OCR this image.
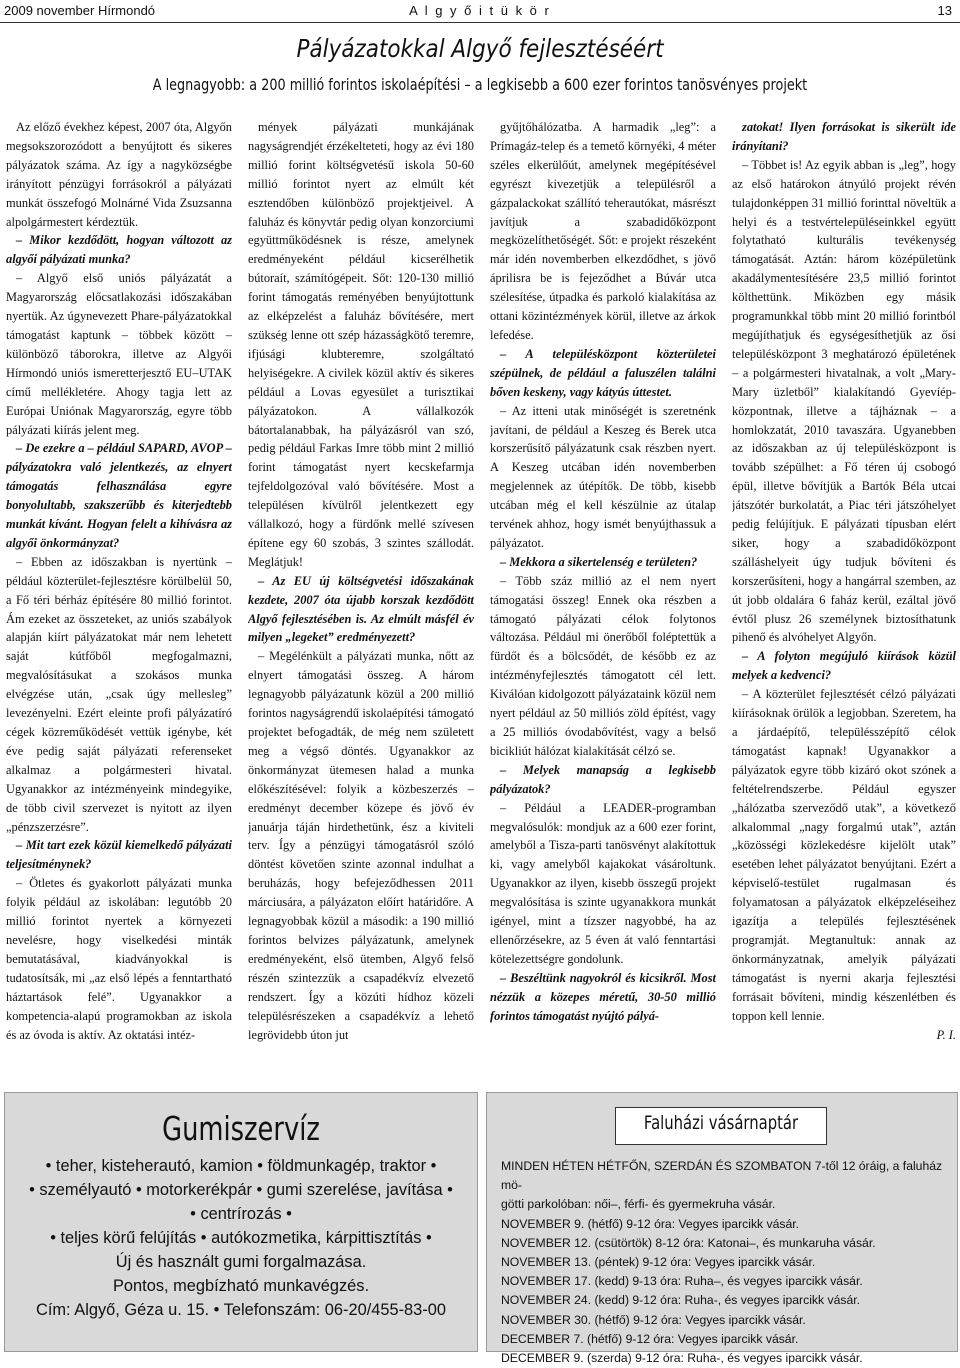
2009 november Hírmondó	A l g y ő i t ü k ö r	13
Pályázatokkal Algyő fejlesztéséért
A legnagyobb: a 200 millió forintos iskolaépítési – a legkisebb a 600 ezer forintos tanösvényes projekt

Az előző évekhez képest, 2007 óta, Algyőn megsokszorozódott a benyújtott és sikeres pályázatok száma. Az így a nagyközségbe irányított pénzügyi forrásokról a pályázati munkát összefogó Molnárné Vida Zsuzsanna alpolgármestert kérdeztük.

– Mikor kezdődött, hogyan változott az algyői pályázati munka?

– Algyő első uniós pályázatát a Magyarország előcsatlakozási időszakában nyertük. Az úgynevezett Phare-pályázatokkal támogatást kaptunk – többek között – különböző táborokra, illetve az Algyői Hírmondó uniós ismeretterjesztő EU–UTAK című mellékletére. Ahogy tagja lett az Európai Uniónak Magyarország, egyre több pályázati kiírás jelent meg.

– De ezekre a – például SAPARD, AVOP – pályázatokra való jelentkezés, az elnyert támogatás felhasználása egyre bonyolultabb, szakszerűbb és kiterjedtebb munkát kívánt. Hogyan felelt a kihívásra az algyői önkormányzat?

– Ebben az időszakban is nyertünk – például közterület-fejlesztésre körülbelül 50, a Fő téri bérház építésére 80 millió forintot. Ám ezeket az összeteket, az uniós szabályok alapján kiírt pályázatokat már nem lehetett saját kútfőből megfogalmazni, megvalósításukat a szokásos munka elvégzése után, „csak úgy mellesleg” levezényelni. Ezért eleinte profi pályázatíró cégek közreműködését vettük igénybe, két éve pedig saját pályázati referenseket alkalmaz a polgármesteri hivatal. Ugyanakkor az intézményeink mindegyike, de több civil szervezet is nyitott az ilyen „pénzszerzésre”.

– Mit tart ezek közül kiemelkedő pályázati teljesítménynek?

– Ötletes és gyakorlott pályázati munka folyik például az iskolában: legutóbb 20 millió forintot nyertek a környezeti nevelésre, hogy viselkedési minták bemutatásával, kiadványokkal is tudatosítsák, mi „az első lépés a fenntartható háztartások felé”. Ugyanakkor a kompetencia-alapú programokban az iskola és az óvoda is aktív. Az oktatási intéz-

mények pályázati munkájának nagyságrendjét érzékelteteti, hogy az évi 180 millió forint költségvetésű iskola 50-60 millió forintot nyert az elmúlt két esztendőben különböző projektjeivel. A faluház és könyvtár pedig olyan konzorciumi együttműködésnek is része, amelynek eredményeként például kicserélhetik bútoraít, számítógépeit. Sőt: 120-130 millió forint támogatás reményében benyújtottunk az elképzelést a faluház bővítésére, mert szükség lenne ott szép házasságkötő teremre, ifjúsági klubteremre, szolgáltató helyiségekre. A civilek közül aktív és sikeres például a Lovas egyesület a turisztikai pályázatokon. A vállalkozók bátortalanabbak, ha pályázásról van szó, pedig például Farkas Imre több mint 2 millió forint támogatást nyert kecskefarmja tejfeldolgozóval való bővítésére. Most a településen kívülről jelentkezett egy vállalkozó, hogy a fürdőnk mellé szívesen építene egy 60 szobás, 3 szintes szállodát. Meglátjuk!

– Az EU új költségvetési időszakának kezdete, 2007 óta újabb korszak kezdődött Algyő fejlesztésében is. Az elmúlt másfél év milyen „legeket” eredményezett?

– Megélénkült a pályázati munka, nőtt az elnyert támogatási összeg. A három legnagyobb pályázatunk közül a 200 millió forintos nagyságrendű iskolaépítési támogató projektet befogadták, de még nem született meg a végső döntés. Ugyanakkor az önkormányzat ütemesen halad a munka előkészítésével: folyik a közbeszerzés – eredményt december közepe és jövő év januárja táján hirdethetünk, ész a kiviteli terv. Így a pénzügyi támogatásról szóló döntést követően szinte azonnal indulhat a beruházás, hogy befejeződhessen 2011 márciusára, a pályázaton előírt határidőre. A legnagyobbak közül a második: a 190 millió forintos belvizes pályázatunk, amelynek eredményeként, első ütemben, Algyő felső részén szintezzük a csapadékvíz elvezető rendszert. Így a közúti hídhoz közeli településrészeken a csapadékvíz a lehető legrövidebb úton jut

gyűjtőhálózatba. A harmadik „leg”: a Prímagáz-telep és a temető környéki, 4 méter széles elkerülőút, amelynek megépítésével egyrészt kivezetjük a településről a gázpalackokat szállító teherautókat, másrészt javítjuk a szabadidőközpont megközelíthetőségét. Sőt: e projekt részeként már idén novemberben elkezdődhet, s jövő áprilisra be is fejeződhet a Búvár utca szélesítése, útpadka és parkoló kialakítása az ottani közintézmények körül, illetve az árkok lefedése.

– A településközpont közterületei szépülnek, de például a faluszélen találni bőven keskeny, vagy kátyús úttestet.

– Az itteni utak minőségét is szeretnénk javítani, de például a Keszeg és Berek utca korszerűsítő pályázatunk csak részben nyert. A Keszeg utcában idén novemberben megjelennek az útépítők. De több, kisebb utcában még el kell készülnie az útalap tervének ahhoz, hogy ismét benyújthassuk a pályázatot.

– Mekkora a sikertelenség e területen?

– Több száz millió az el nem nyert támogatási összeg! Ennek oka részben a támogató pályázati célok folytonos változása. Például mi önerőből foléptettük a fürdőt és a bölcsődét, de később ez az intézményfejlesztés támogatott cél lett. Kiválóan kidolgozott pályázataink közül nem nyert például az 50 milliós zöld építést, vagy a 25 milliós óvodabővítést, vagy a belső bicikliút hálózat kialakítását célzó se.

– Melyek manapság a legkisebb pályázatok?

– Például a LEADER-programban megvalósulók: mondjuk az a 600 ezer forint, amelyből a Tisza-parti tanösvényt alakítottuk ki, vagy amelyből kajakokat vásároltunk. Ugyanakkor az ilyen, kisebb összegű projekt megvalósítása is szinte ugyanakkora munkát igényel, mint a tízszer nagyobbé, ha az ellenőrzésekre, az 5 éven át való fenntartási kötelezettségre gondolunk.

– Beszéltünk nagyokról és kicsikről. Most nézzük a közepes méretű, 30-50 millió forintos támogatást nyújtó pályá-

zatokat! Ilyen forrásokat is sikerült ide irányítani?

– Többet is! Az egyik abban is „leg”, hogy az első határokon átnyúló projekt révén tulajdonképpen 31 millió forinttal növeltük a helyi és a testvértelepüléseinkkel együtt folytatható kulturális tevékenység támogatását. Aztán: három középületünk akadálymentesítésére 23,5 millió forintot költhettünk. Miközben egy másik programunkkal több mint 20 millió forintból megújíthatjuk és egységesíthetjük az ősi településközpont 3 meghatározó épületének – a polgármesteri hivatalnak, a volt „Mary-Mary üzletből” kialakítandó Gyevíép-központnak, illetve a tájháznak – a homlokzatát, 2010 tavaszára. Ugyanebben az időszakban az új településközpont is tovább szépülhet: a Fő téren új csobogó épül, illetve bővítjük a Bartók Béla utcai játszótér burkolatát, a Piac téri játszóhelyet pedig felújítjuk. E pályázati típusban elért siker, hogy a szabadidőközpont szálláshelyeit úgy tudjuk bővíteni és korszerűsíteni, hogy a hangárral szemben, az út jobb oldalára 6 faház kerül, ezáltal jövő évtől plusz 26 személynek biztosíthatunk pihenő és alvóhelyet Algyőn.

– A folyton megújuló kiírások közül melyek a kedvenci?

– A közterület fejlesztését célzó pályázati kiírásoknak örülök a legjobban. Szeretem, ha a járdaépítő, településszépítő célok támogatást kapnak! Ugyanakkor a pályázatok egyre több kizáró okot szónek a feltételrendszerbe. Például egyszer „hálózatba szerveződő utak”, a következő alkalommal „nagy forgalmú utak”, aztán „közösségi közlekedésre kijelölt utak” esetében lehet pályázatot benyújtani. Ezért a képviselő-testület rugalmasan és folyamatosan a pályázatok elképzeléseihez igazítja a település fejlesztésének programját. Megtanultuk: annak az önkormányzatnak, amelyik pályázati támogatást is nyerni akarja fejlesztési forrásait bővíteni, mindig készenlétben és toppon kell lennie.

P. I.
Gumiszervíz
• teher, kisteherautó, kamion • földmunkagép, traktor •
• személyautó • motorkerékpár • gumi szerelése, javítása •
• centrírozás •
• teljes körű felújítás • autókozmetika, kárpittisztítás •
Új és használt gumi forgalmazása.
Pontos, megbízható munkavégzés.
Cím: Algyő, Géza u. 15. • Telefonszám: 06-20/455-83-00
Faluházi vásárnaptár
MINDEN HÉTEN HÉTFŐN, SZERDÁN ÉS SZOMBATON 7-től 12 óráig, a faluház mö-
götti parkolóban: női–, férfi- és gyermekruha vásár.
NOVEMBER 9. (hétfő) 9-12 óra: Vegyes iparcikk vásár.
NOVEMBER 12. (csütörtök) 8-12 óra: Katonai–, és munkaruha vásár.
NOVEMBER 13. (péntek) 9-12 óra: Vegyes iparcikk vásár.
NOVEMBER 17. (kedd) 9-13 óra: Ruha–, és vegyes iparcikk vásár.
NOVEMBER 24. (kedd) 9-12 óra: Ruha-, és vegyes iparcikk vásár.
NOVEMBER 30. (hétfő) 9-12 óra: Vegyes iparcikk vásár.
DECEMBER 7. (hétfő) 9-12 óra: Vegyes iparcikk vásár.
DECEMBER 9. (szerda) 9-12 óra: Ruha-, és vegyes iparcikk vásár.
